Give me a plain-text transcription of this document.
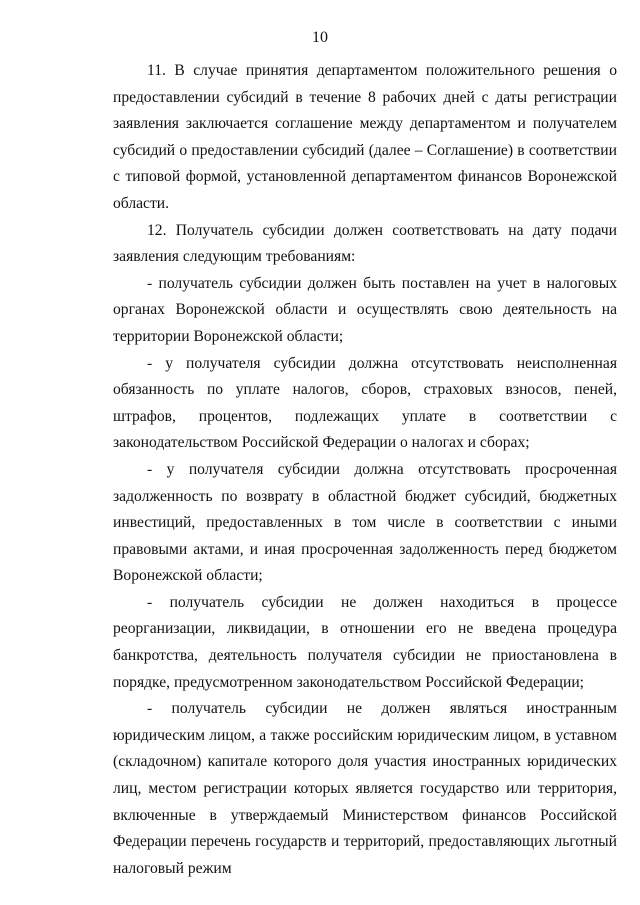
10

11. В случае принятия департаментом положительного решения о предоставлении субсидий в течение 8 рабочих дней с даты регистрации заявления заключается соглашение между департаментом и получателем субсидий о предоставлении субсидий (далее – Соглашение) в соответствии с типовой формой, установленной департаментом финансов Воронежской области.

12. Получатель субсидии должен соответствовать на дату подачи заявления следующим требованиям:

- получатель субсидии должен быть поставлен на учет в налоговых органах Воронежской области и осуществлять свою деятельность на территории Воронежской области;

- у получателя субсидии должна отсутствовать неисполненная обязанность по уплате налогов, сборов, страховых взносов, пеней, штрафов, процентов, подлежащих уплате в соответствии с законодательством Российской Федерации о налогах и сборах;

- у получателя субсидии должна отсутствовать просроченная задолженность по возврату в областной бюджет субсидий, бюджетных инвестиций, предоставленных в том числе в соответствии с иными правовыми актами, и иная просроченная задолженность перед бюджетом Воронежской области;

- получатель субсидии не должен находиться в процессе реорганизации, ликвидации, в отношении его не введена процедура банкротства, деятельность получателя субсидии не приостановлена в порядке, предусмотренном законодательством Российской Федерации;

- получатель субсидии не должен являться иностранным юридическим лицом, а также российским юридическим лицом, в уставном (складочном) капитале которого доля участия иностранных юридических лиц, местом регистрации которых является государство или территория, включенные в утверждаемый Министерством финансов Российской Федерации перечень государств и территорий, предоставляющих льготный налоговый режим
